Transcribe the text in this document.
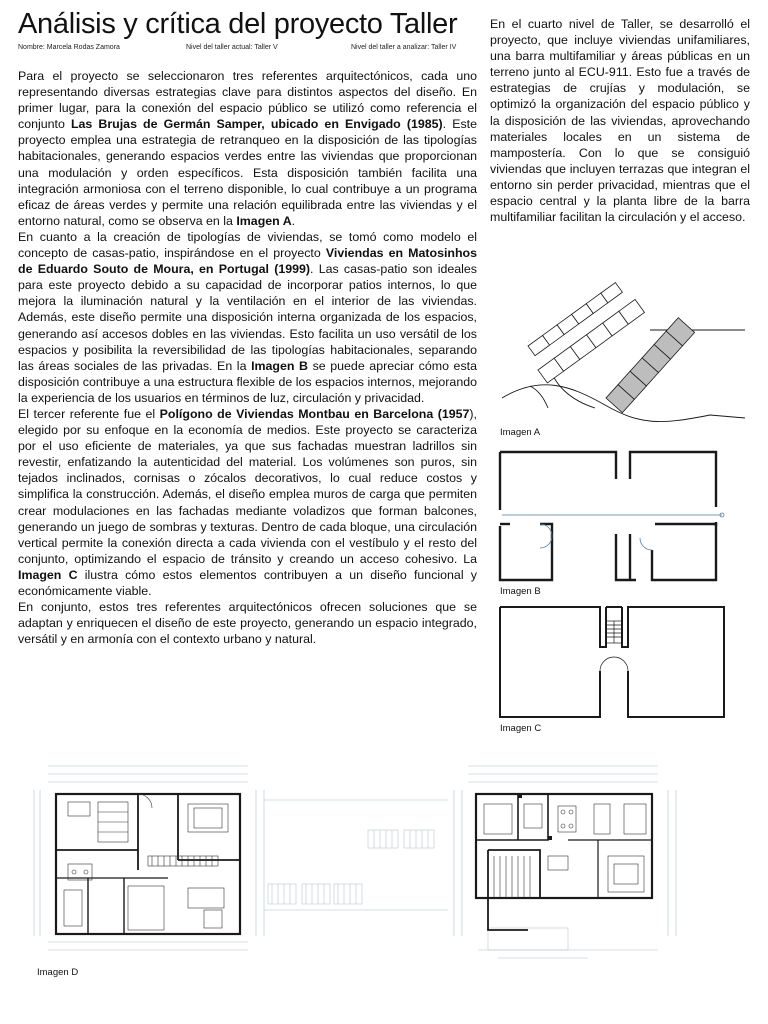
Análisis y crítica del proyecto Taller
Nombre: Marcela Rodas Zamora	Nivel del taller actual: Taller V	Nivel del taller a analizar: Taller IV

Para el proyecto se seleccionaron tres referentes arquitectónicos, cada uno representando diversas estrategias clave para distintos aspectos del diseño. En primer lugar, para la conexión del espacio público se utilizó como referencia el conjunto Las Brujas de Germán Samper, ubicado en Envigado (1985). Este proyecto emplea una estrategia de retranqueo en la disposición de las tipologías habitacionales, generando espacios verdes entre las viviendas que proporcionan una modulación y orden específicos. Esta disposición también facilita una integración armoniosa con el terreno disponible, lo cual contribuye a un programa eficaz de áreas verdes y permite una relación equilibrada entre las viviendas y el entorno natural, como se observa en la Imagen A.

En cuanto a la creación de tipologías de viviendas, se tomó como modelo el concepto de casas-patio, inspirándose en el proyecto Viviendas en Matosinhos de Eduardo Souto de Moura, en Portugal (1999). Las casas-patio son ideales para este proyecto debido a su capacidad de incorporar patios internos, lo que mejora la iluminación natural y la ventilación en el interior de las viviendas. Además, este diseño permite una disposición interna organizada de los espacios, generando así accesos dobles en las viviendas. Esto facilita un uso versátil de los espacios y posibilita la reversibilidad de las tipologías habitacionales, separando las áreas sociales de las privadas. En la Imagen B se puede apreciar cómo esta disposición contribuye a una estructura flexible de los espacios internos, mejorando la experiencia de los usuarios en términos de luz, circulación y privacidad.

El tercer referente fue el Polígono de Viviendas Montbau en Barcelona (1957), elegido por su enfoque en la economía de medios. Este proyecto se caracteriza por el uso eficiente de materiales, ya que sus fachadas muestran ladrillos sin revestir, enfatizando la autenticidad del material. Los volúmenes son puros, sin tejados inclinados, cornisas o zócalos decorativos, lo cual reduce costos y simplifica la construcción. Además, el diseño emplea muros de carga que permiten crear modulaciones en las fachadas mediante voladizos que forman balcones, generando un juego de sombras y texturas. Dentro de cada bloque, una circulación vertical permite la conexión directa a cada vivienda con el vestíbulo y el resto del conjunto, optimizando el espacio de tránsito y creando un acceso cohesivo. La Imagen C ilustra cómo estos elementos contribuyen a un diseño funcional y económicamente viable.

En conjunto, estos tres referentes arquitectónicos ofrecen soluciones que se adaptan y enriquecen el diseño de este proyecto, generando un espacio integrado, versátil y en armonía con el contexto urbano y natural.

En el cuarto nivel de Taller, se desarrolló el proyecto, que incluye viviendas unifamiliares, una barra multifamiliar y áreas públicas en un terreno junto al ECU-911. Esto fue a través de estrategias de crujías y modulación, se optimizó la organización del espacio público y la disposición de las viviendas, aprovechando materiales locales en un sistema de mampostería. Con lo que se consiguió viviendas que incluyen terrazas que integran el entorno sin perder privacidad, mientras que el espacio central y la planta libre de la barra multifamiliar facilitan la circulación y el acceso.

Imagen A
Imagen B
Imagen C
Imagen D
